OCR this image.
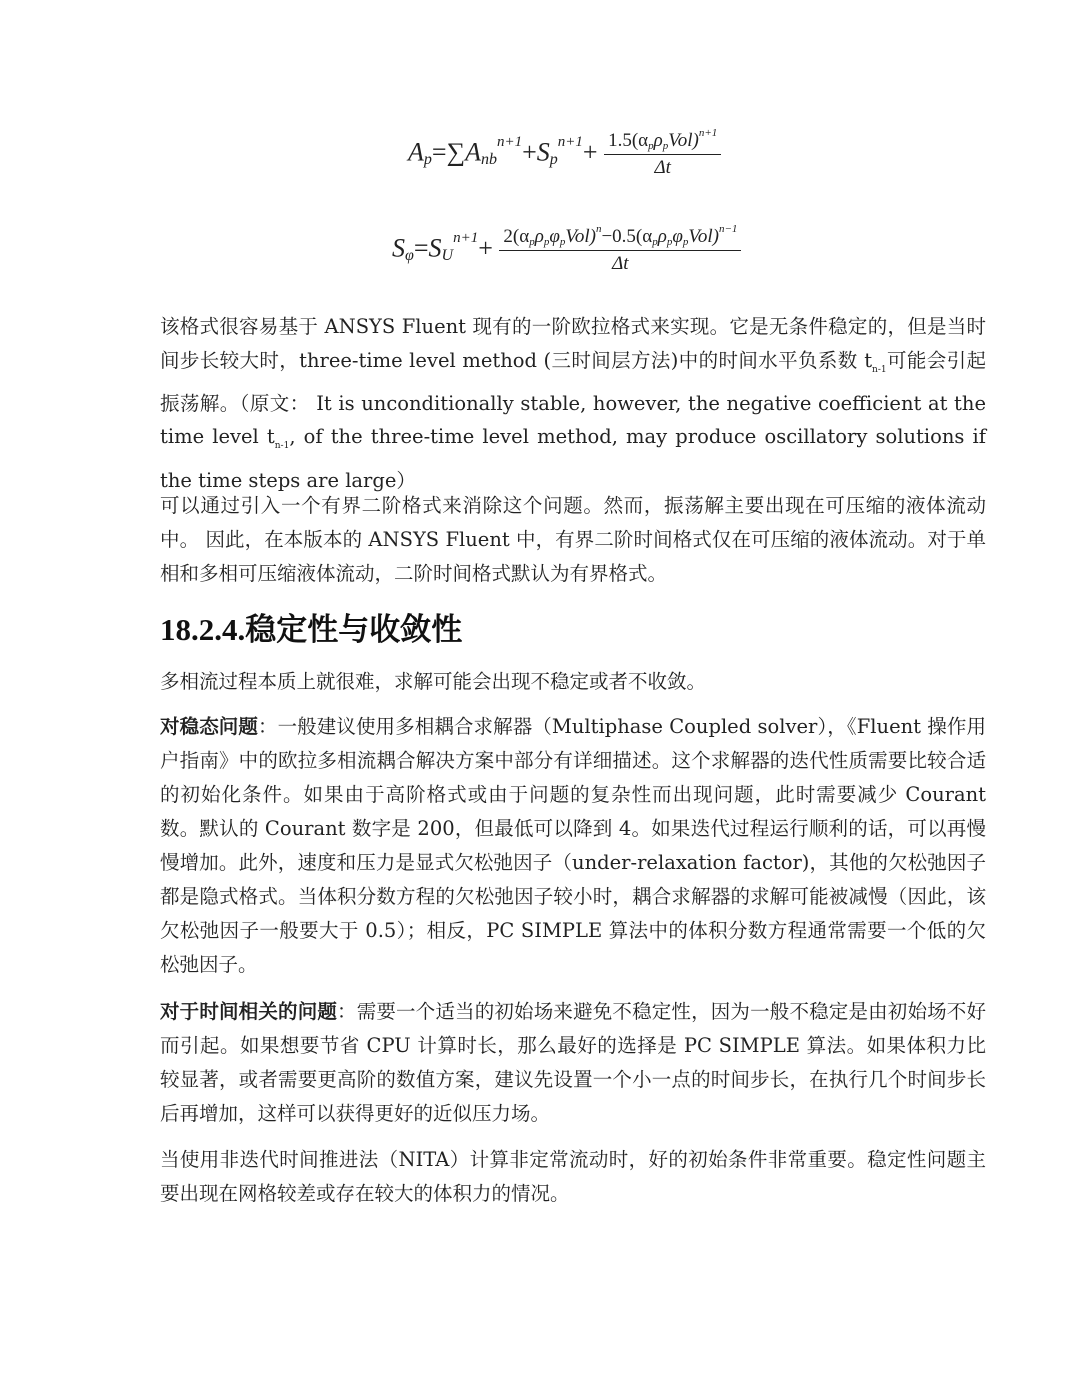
$A_p=\sum A_{nb}^{n+1}+S_p^{n+1}+ \frac{1.5(\alpha_p\rho_pVol)^{n+1}}{\Delta t}$
$S_\varphi=S_U^{n+1}+ \frac{2(\alpha_p\rho_p\varphi_pVol)^n-0.5(\alpha_p\rho_p\varphi_pVol)^{n-1}}{\Delta t}$

该格式很容易基于 ANSYS Fluent 现有的一阶欧拉格式来实现。它是无条件稳定的，但是当时间步长较大时，three-time level method (三时间层方法)中的时间水平负系数 $t_{n-1}$可能会引起振荡解。（原文： It is unconditionally stable, however, the negative coefficient at the time level $t_{n-1}$, of the three-time level method, may produce oscillatory solutions if the time steps are large）

可以通过引入一个有界二阶格式来消除这个问题。然而，振荡解主要出现在可压缩的液体流动中。 因此，在本版本的 ANSYS Fluent 中，有界二阶时间格式仅在可压缩的液体流动。对于单相和多相可压缩液体流动，二阶时间格式默认为有界格式。

18.2.4.稳定性与收敛性

多相流过程本质上就很难，求解可能会出现不稳定或者不收敛。

对稳态问题：一般建议使用多相耦合求解器（Multiphase Coupled solver），《Fluent 操作用户指南》中的欧拉多相流耦合解决方案中部分有详细描述。这个求解器的迭代性质需要比较合适的初始化条件。如果由于高阶格式或由于问题的复杂性而出现问题，此时需要减少 Courant 数。默认的 Courant 数字是 200，但最低可以降到 4。如果迭代过程运行顺利的话，可以再慢慢增加。此外，速度和压力是显式欠松弛因子（under-relaxation factor)，其他的欠松弛因子都是隐式格式。当体积分数方程的欠松弛因子较小时，耦合求解器的求解可能被减慢（因此，该欠松弛因子一般要大于 0.5）；相反，PC SIMPLE 算法中的体积分数方程通常需要一个低的欠松弛因子。

对于时间相关的问题：需要一个适当的初始场来避免不稳定性，因为一般不稳定是由初始场不好而引起。如果想要节省 CPU 计算时长，那么最好的选择是 PC SIMPLE 算法。如果体积力比较显著，或者需要更高阶的数值方案，建议先设置一个小一点的时间步长，在执行几个时间步长后再增加，这样可以获得更好的近似压力场。

当使用非迭代时间推进法（NITA）计算非定常流动时，好的初始条件非常重要。稳定性问题主要出现在网格较差或存在较大的体积力的情况。
